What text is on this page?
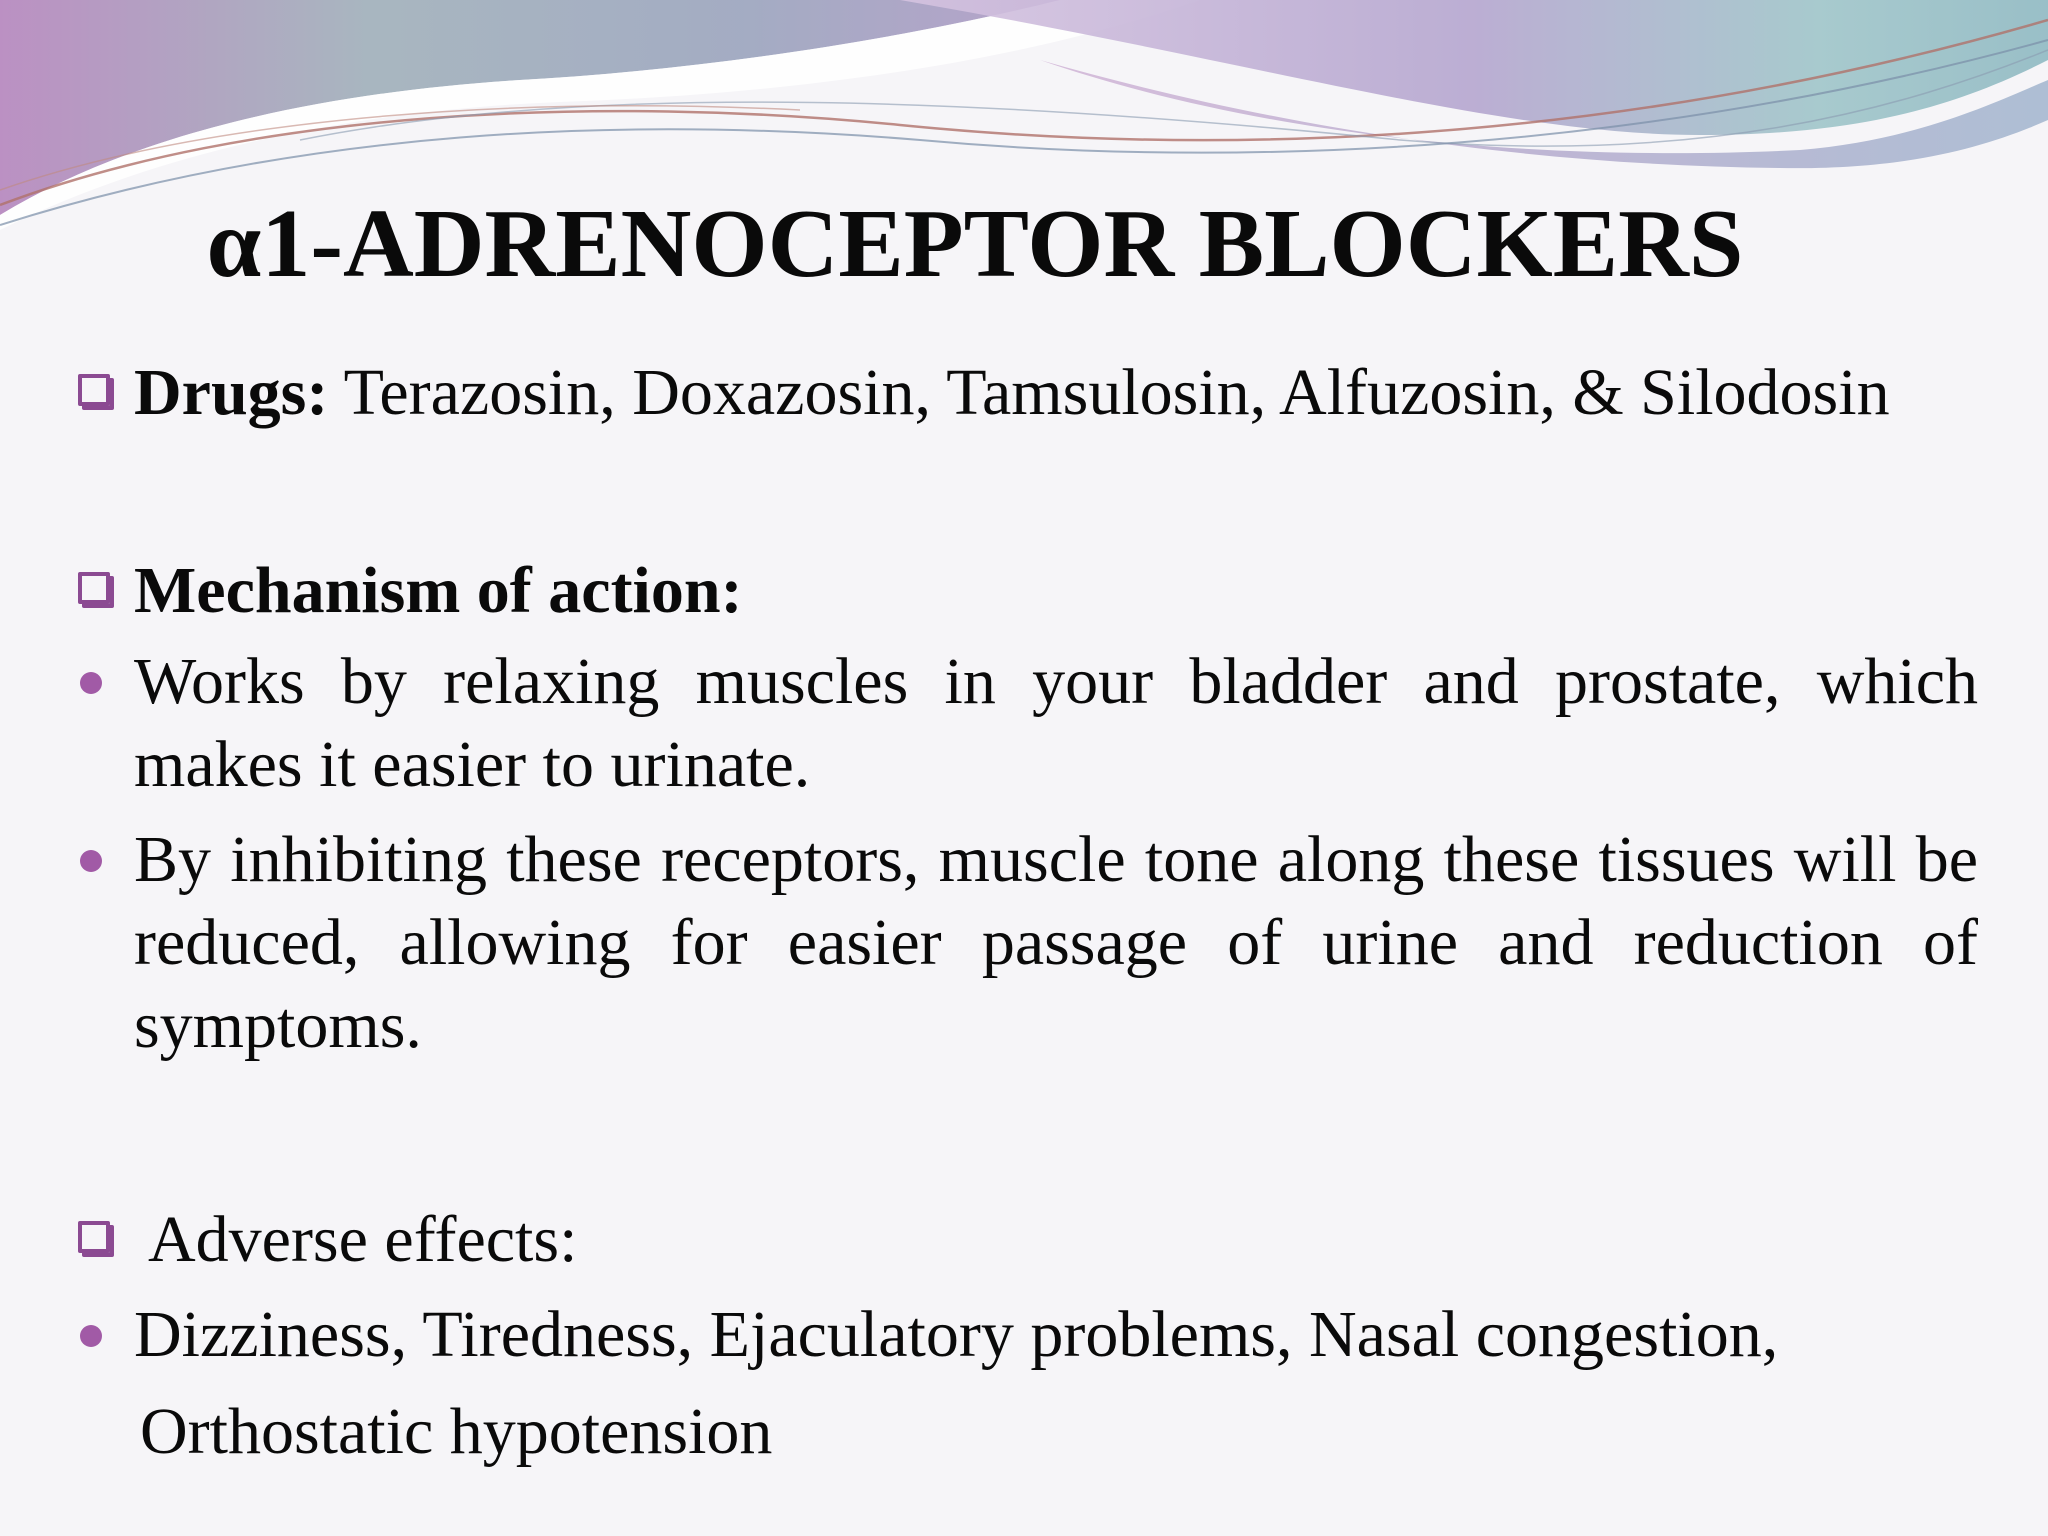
α1-ADRENOCEPTOR BLOCKERS
Drugs: Terazosin, Doxazosin, Tamsulosin, Alfuzosin, & Silodosin
Mechanism of action:
Works by relaxing muscles in your bladder and prostate, which makes it easier to urinate.
By inhibiting these receptors, muscle tone along these tissues will be reduced, allowing for easier passage of urine and reduction of symptoms.
Adverse effects:
Dizziness, Tiredness, Ejaculatory problems, Nasal congestion,
Orthostatic hypotension
